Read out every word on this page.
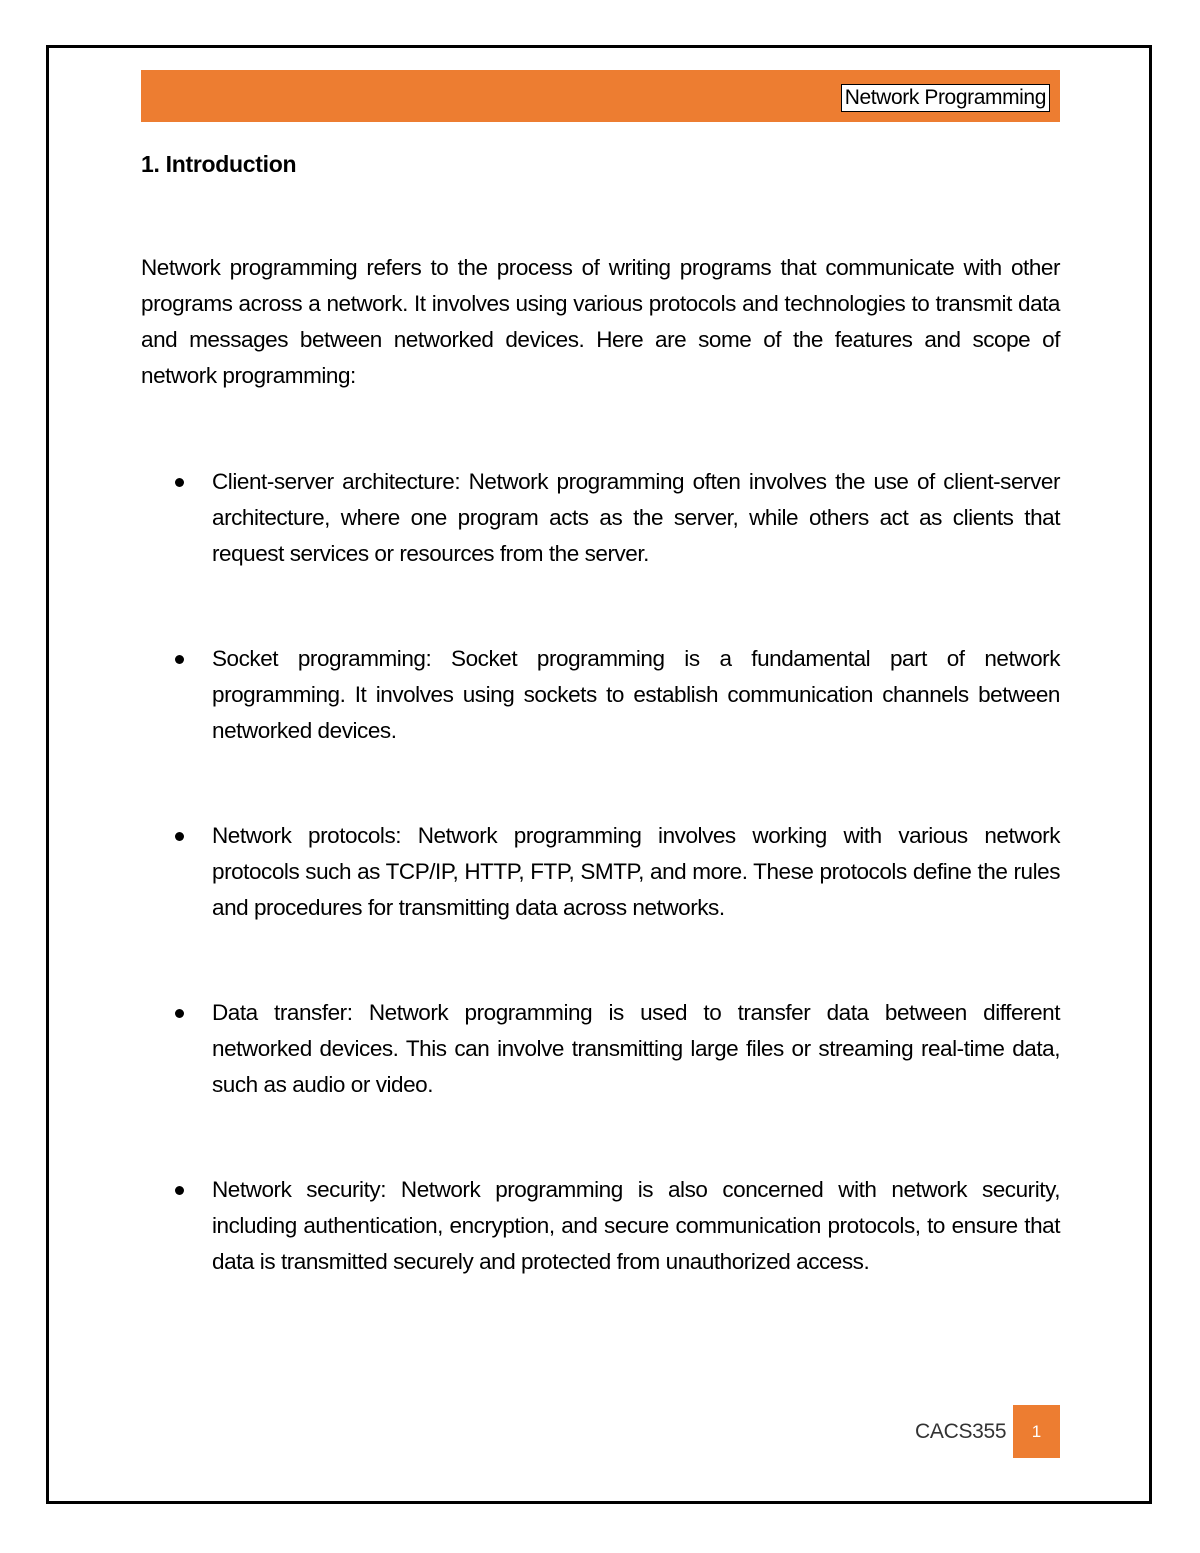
Network Programming
1. Introduction

Network programming refers to the process of writing programs that communicate with other programs across a network. It involves using various protocols and technologies to transmit data and messages between networked devices. Here are some of the features and scope of network programming:

Client-server architecture: Network programming often involves the use of client-server architecture, where one program acts as the server, while others act as clients that request services or resources from the server.
Socket programming: Socket programming is a fundamental part of network programming. It involves using sockets to establish communication channels between networked devices.
Network protocols: Network programming involves working with various network protocols such as TCP/IP, HTTP, FTP, SMTP, and more. These protocols define the rules and procedures for transmitting data across networks.
Data transfer: Network programming is used to transfer data between different networked devices. This can involve transmitting large files or streaming real-time data, such as audio or video.
Network security: Network programming is also concerned with network security, including authentication, encryption, and secure communication protocols, to ensure that data is transmitted securely and protected from unauthorized access.
CACS355 1
